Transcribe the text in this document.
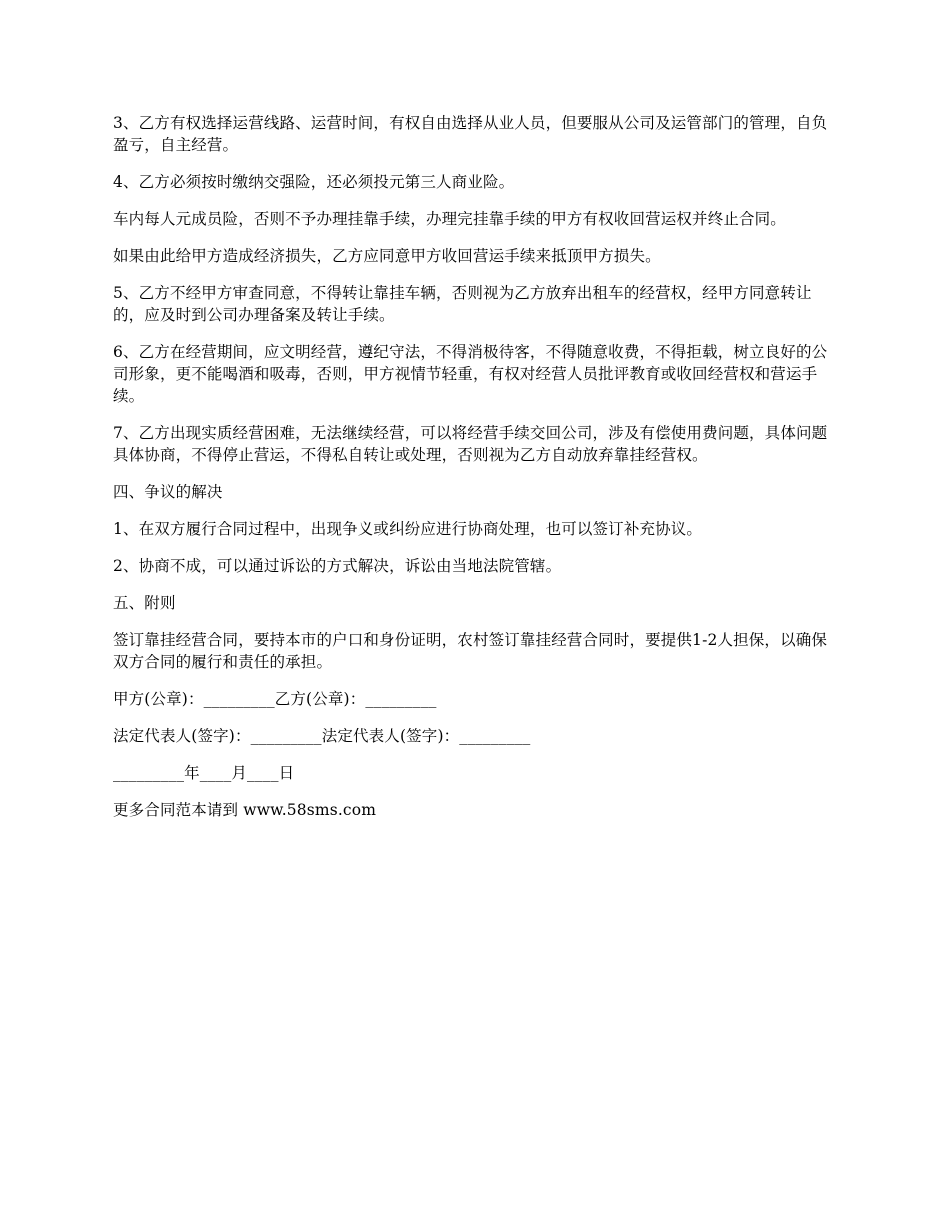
3、乙方有权选择运营线路、运营时间，有权自由选择从业人员，但要服从公司及运管部门的管理，自负盈亏，自主经营。

4、乙方必须按时缴纳交强险，还必须投元第三人商业险。

车内每人元成员险，否则不予办理挂靠手续，办理完挂靠手续的甲方有权收回营运权并终止合同。

如果由此给甲方造成经济损失，乙方应同意甲方收回营运手续来抵顶甲方损失。

5、乙方不经甲方审查同意，不得转让靠挂车辆，否则视为乙方放弃出租车的经营权，经甲方同意转让的，应及时到公司办理备案及转让手续。

6、乙方在经营期间，应文明经营，遵纪守法，不得消极待客，不得随意收费，不得拒载，树立良好的公司形象，更不能喝酒和吸毒，否则，甲方视情节轻重，有权对经营人员批评教育或收回经营权和营运手续。

7、乙方出现实质经营困难，无法继续经营，可以将经营手续交回公司，涉及有偿使用费问题，具体问题具体协商，不得停止营运，不得私自转让或处理，否则视为乙方自动放弃靠挂经营权。

四、争议的解决

1、在双方履行合同过程中，出现争义或纠纷应进行协商处理，也可以签订补充协议。

2、协商不成，可以通过诉讼的方式解决，诉讼由当地法院管辖。

五、附则

签订靠挂经营合同，要持本市的户口和身份证明，农村签订靠挂经营合同时，要提供1-2人担保，以确保双方合同的履行和责任的承担。

甲方(公章)：_________乙方(公章)：_________

法定代表人(签字)：_________法定代表人(签字)：_________

_________年____月____日

更多合同范本请到 www.58sms.com
